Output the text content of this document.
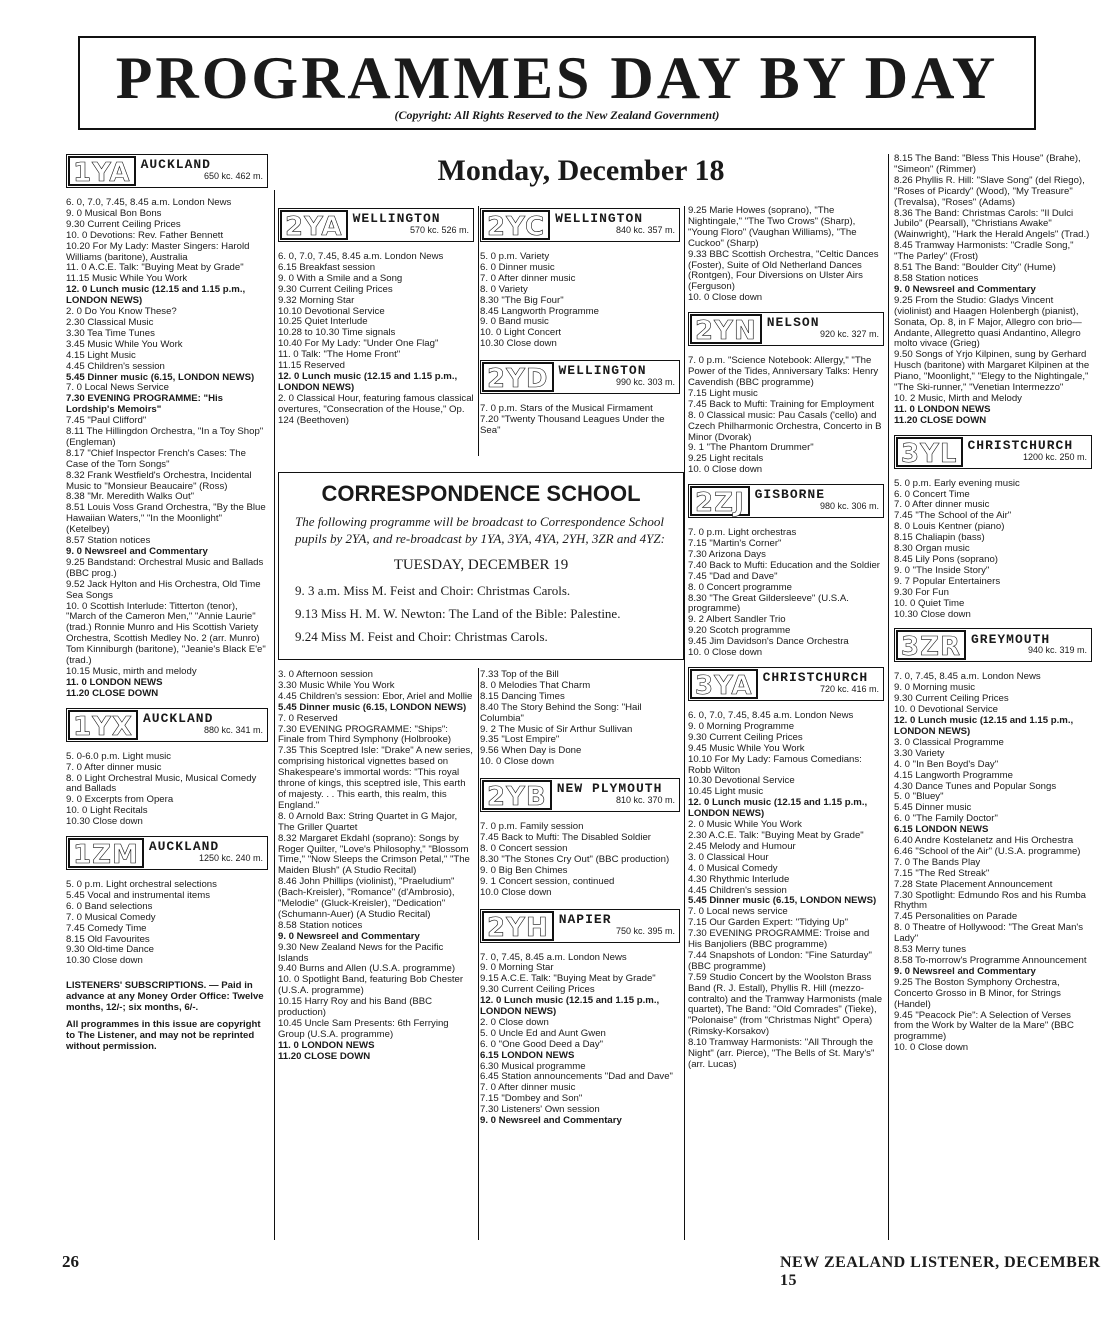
PROGRAMMES DAY BY DAY
(Copyright: All Rights Reserved to the New Zealand Government)
1YA AUCKLAND
650 kc. 462 m.
6. 0, 7.0, 7.45, 8.45 a.m. London News
9. 0 Musical Bon Bons
9.30 Current Ceiling Prices
10. 0 Devotions: Rev. Father Bennett
10.20 For My Lady: Master Singers: Harold Williams (baritone), Australia
11. 0 A.C.E. Talk: "Buying Meat by Grade"
11.15 Music While You Work
12. 0 Lunch music (12.15 and 1.15 p.m., LONDON NEWS)
2. 0 Do You Know These?
2.30 Classical Music
3.30 Tea Time Tunes
3.45 Music While You Work
4.15 Light Music
4.45 Children's session
5.45 Dinner music (6.15, LONDON NEWS)
7. 0 Local News Service
7.30 EVENING PROGRAMME: "His Lordship's Memoirs"
7.45 "Paul Clifford"
8.11 The Hillingdon Orchestra, "In a Toy Shop" (Engleman)
8.17 "Chief Inspector French's Cases: The Case of the Torn Songs"
8.32 Frank Westfield's Orchestra, Incidental Music to "Monsieur Beaucaire" (Ross)
8.38 "Mr. Meredith Walks Out"
8.51 Louis Voss Grand Orchestra, "By the Blue Hawaiian Waters," "In the Moonlight" (Ketelbey)
8.57 Station notices
9. 0 Newsreel and Commentary
9.25 Bandstand: Orchestral Music and Ballads (BBC prog.)
9.52 Jack Hylton and His Orchestra, Old Time Sea Songs
10. 0 Scottish Interlude: Titterton (tenor), "March of the Cameron Men," "Annie Laurie" (trad.) Ronnie Munro and His Scottish Variety Orchestra, Scottish Medley No. 2 (arr. Munro) Tom Kinniburgh (baritone), "Jeanie's Black E'e" (trad.)
10.15 Music, mirth and melody
11. 0 LONDON NEWS
11.20 CLOSE DOWN
1YX AUCKLAND
880 kc. 341 m.
5. 0-6.0 p.m. Light music
7. 0 After dinner music
8. 0 Light Orchestral Music, Musical Comedy and Ballads
9. 0 Excerpts from Opera
10. 0 Light Recitals
10.30 Close down
1ZM AUCKLAND
1250 kc. 240 m.
5. 0 p.m. Light orchestral selections
5.45 Vocal and instrumental items
6. 0 Band selections
7. 0 Musical Comedy
7.45 Comedy Time
8.15 Old Favourites
9.30 Old-time Dance
10.30 Close down
LISTENERS' SUBSCRIPTIONS. — Paid in advance at any Money Order Office: Twelve months, 12/-; six months, 6/-.
All programmes in this issue are copyright to The Listener, and may not be reprinted without permission.
Monday, December 18
2YA WELLINGTON
570 kc. 526 m.
6. 0, 7.0, 7.45, 8.45 a.m. London News
6.15 Breakfast session
9. 0 With a Smile and a Song
9.30 Current Ceiling Prices
9.32 Morning Star
10.10 Devotional Service
10.25 Quiet Interlude
10.28 to 10.30 Time signals
10.40 For My Lady: "Under One Flag"
11. 0 Talk: "The Home Front"
11.15 Reserved
12. 0 Lunch music (12.15 and 1.15 p.m., LONDON NEWS)
2. 0 Classical Hour, featuring famous classical overtures, "Consecration of the House," Op. 124 (Beethoven)
2YC WELLINGTON
840 kc. 357 m.
5. 0 p.m. Variety
6. 0 Dinner music
7. 0 After dinner music
8. 0 Variety
8.30 "The Big Four"
8.45 Langworth Programme
9. 0 Band music
10. 0 Light Concert
10.30 Close down
2YD WELLINGTON
990 kc. 303 m.
7. 0 p.m. Stars of the Musical Firmament
7.20 "Twenty Thousand Leagues Under the Sea"
CORRESPONDENCE SCHOOL
The following programme will be broadcast to Correspondence School pupils by 2YA, and re-broadcast by 1YA, 3YA, 4YA, 2YH, 3ZR and 4YZ:
TUESDAY, DECEMBER 19
9. 3 a.m. Miss M. Feist and Choir: Christmas Carols.
9.13 Miss H. M. W. Newton: The Land of the Bible: Palestine.
9.24 Miss M. Feist and Choir: Christmas Carols.
3. 0 Afternoon session
3.30 Music While You Work
4.45 Children's session: Ebor, Ariel and Mollie
5.45 Dinner music (6.15, LONDON NEWS)
7. 0 Reserved
7.30 EVENING PROGRAMME: "Ships": Finale from Third Symphony (Holbrooke)
7.35 This Sceptred Isle: "Drake" A new series, comprising historical vignettes based on Shakespeare's immortal words: "This royal throne of kings, this sceptred isle, This earth of majesty. . . This earth, this realm, this England."
8. 0 Arnold Bax: String Quartet in G Major, The Griller Quartet
8.32 Margaret Ekdahl (soprano): Songs by Roger Quilter, "Love's Philosophy," "Blossom Time," "Now Sleeps the Crimson Petal," "The Maiden Blush" (A Studio Recital)
8.46 John Phillips (violinist), "Praeludium" (Bach-Kreisler), "Romance" (d'Ambrosio), "Melodie" (Gluck-Kreisler), "Dedication" (Schumann-Auer) (A Studio Recital)
8.58 Station notices
9. 0 Newsreel and Commentary
9.30 New Zealand News for the Pacific Islands
9.40 Burns and Allen (U.S.A. programme)
10. 0 Spotlight Band, featuring Bob Chester (U.S.A. programme)
10.15 Harry Roy and his Band (BBC production)
10.45 Uncle Sam Presents: 6th Ferrying Group (U.S.A. programme)
11. 0 LONDON NEWS
11.20 CLOSE DOWN
7.33 Top of the Bill
8. 0 Melodies That Charm
8.15 Dancing Times
8.40 The Story Behind the Song: "Hail Columbia"
9. 2 The Music of Sir Arthur Sullivan
9.35 "Lost Empire"
9.56 When Day is Done
10. 0 Close down
2YB NEW PLYMOUTH
810 kc. 370 m.
7. 0 p.m. Family session
7.45 Back to Mufti: The Disabled Soldier
8. 0 Concert session
8.30 "The Stones Cry Out" (BBC production)
9. 0 Big Ben Chimes
9. 1 Concert session, continued
10.0 Close down
2YH NAPIER
750 kc. 395 m.
7. 0, 7.45, 8.45 a.m. London News
9. 0 Morning Star
9.15 A.C.E. Talk: "Buying Meat by Grade"
9.30 Current Ceiling Prices
12. 0 Lunch music (12.15 and 1.15 p.m., LONDON NEWS)
2. 0 Close down
5. 0 Uncle Ed and Aunt Gwen
6. 0 "One Good Deed a Day"
6.15 LONDON NEWS
6.30 Musical programme
6.45 Station announcements "Dad and Dave"
7. 0 After dinner music
7.15 "Dombey and Son"
7.30 Listeners' Own session
9. 0 Newsreel and Commentary
9.25 Marie Howes (soprano), "The Nightingale," "The Two Crows" (Sharp), "Young Floro" (Vaughan Williams), "The Cuckoo" (Sharp)
9.33 BBC Scottish Orchestra, "Celtic Dances (Foster), Suite of Old Netherland Dances (Rontgen), Four Diversions on Ulster Airs (Ferguson)
10. 0 Close down
2YN NELSON
920 kc. 327 m.
7. 0 p.m. "Science Notebook: Allergy," "The Power of the Tides, Anniversary Talks: Henry Cavendish (BBC programme)
7.15 Light music
7.45 Back to Mufti: Training for Employment
8. 0 Classical music: Pau Casals ('cello) and Czech Philharmonic Orchestra, Concerto in B Minor (Dvorak)
9. 1 "The Phantom Drummer"
9.25 Light recitals
10. 0 Close down
2ZJ GISBORNE
980 kc. 306 m.
7. 0 p.m. Light orchestras
7.15 "Martin's Corner"
7.30 Arizona Days
7.40 Back to Mufti: Education and the Soldier
7.45 "Dad and Dave"
8. 0 Concert programme
8.30 "The Great Gildersleeve" (U.S.A. programme)
9. 2 Albert Sandler Trio
9.20 Scotch programme
9.45 Jim Davidson's Dance Orchestra
10. 0 Close down
3YA CHRISTCHURCH
720 kc. 416 m.
6. 0, 7.0, 7.45, 8.45 a.m. London News
9. 0 Morning Programme
9.30 Current Ceiling Prices
9.45 Music While You Work
10.10 For My Lady: Famous Comedians: Robb Wilton
10.30 Devotional Service
10.45 Light music
12. 0 Lunch music (12.15 and 1.15 p.m., LONDON NEWS)
2. 0 Music While You Work
2.30 A.C.E. Talk: "Buying Meat by Grade"
2.45 Melody and Humour
3. 0 Classical Hour
4. 0 Musical Comedy
4.30 Rhythmic Interlude
4.45 Children's session
5.45 Dinner music (6.15, LONDON NEWS)
7. 0 Local news service
7.15 Our Garden Expert: "Tidying Up"
7.30 EVENING PROGRAMME: Troise and His Banjoliers (BBC programme)
7.44 Snapshots of London: "Fine Saturday" (BBC programme)
7.59 Studio Concert by the Woolston Brass Band (R. J. Estall), Phyllis R. Hill (mezzo-contralto) and the Tramway Harmonists (male quartet), The Band: "Old Comrades" (Tieke), "Polonaise" (from "Christmas Night" Opera) (Rimsky-Korsakov)
8.10 Tramway Harmonists: "All Through the Night" (arr. Pierce), "The Bells of St. Mary's" (arr. Lucas)
8.15 The Band: "Bless This House" (Brahe), "Simeon" (Rimmer)
8.26 Phyllis R. Hill: "Slave Song" (del Riego), "Roses of Picardy" (Wood), "My Treasure" (Trevalsa), "Roses" (Adams)
8.36 The Band: Christmas Carols: "Il Dulci Jubilo" (Pearsall), "Christians Awake" (Wainwright), "Hark the Herald Angels" (Trad.)
8.45 Tramway Harmonists: "Cradle Song," "The Parley" (Frost)
8.51 The Band: "Boulder City" (Hume)
8.58 Station notices
9. 0 Newsreel and Commentary
9.25 From the Studio: Gladys Vincent (violinist) and Haagen Holenbergh (pianist), Sonata, Op. 8, in F Major, Allegro con brio—Andante, Allegretto quasi Andantino, Allegro molto vivace (Grieg)
9.50 Songs of Yrjo Kilpinen, sung by Gerhard Husch (baritone) with Margaret Kilpinen at the Piano, "Moonlight," "Elegy to the Nightingale," "The Ski-runner," "Venetian Intermezzo"
10. 2 Music, Mirth and Melody
11. 0 LONDON NEWS
11.20 CLOSE DOWN
3YL CHRISTCHURCH
1200 kc. 250 m.
5. 0 p.m. Early evening music
6. 0 Concert Time
7. 0 After dinner music
7.45 "The School of the Air"
8. 0 Louis Kentner (piano)
8.15 Chaliapin (bass)
8.30 Organ music
8.45 Lily Pons (soprano)
9. 0 "The Inside Story"
9. 7 Popular Entertainers
9.30 For Fun
10. 0 Quiet Time
10.30 Close down
3ZR GREYMOUTH
940 kc. 319 m.
7. 0, 7.45, 8.45 a.m. London News
9. 0 Morning music
9.30 Current Ceiling Prices
10. 0 Devotional Service
12. 0 Lunch music (12.15 and 1.15 p.m., LONDON NEWS)
3. 0 Classical Programme
3.30 Variety
4. 0 "In Ben Boyd's Day"
4.15 Langworth Programme
4.30 Dance Tunes and Popular Songs
5. 0 "Bluey"
5.45 Dinner music
6. 0 "The Family Doctor"
6.15 LONDON NEWS
6.40 Andre Kostelanetz and His Orchestra
6.46 "School of the Air" (U.S.A. programme)
7. 0 The Bands Play
7.15 "The Red Streak"
7.28 State Placement Announcement
7.30 Spotlight: Edmundo Ros and his Rumba Rhythm
7.45 Personalities on Parade
8. 0 Theatre of Hollywood: "The Great Man's Lady"
8.53 Merry tunes
8.58 To-morrow's Programme Announcement
9. 0 Newsreel and Commentary
9.25 The Boston Symphony Orchestra, Concerto Grosso in B Minor, for Strings (Handel)
9.45 "Peacock Pie": A Selection of Verses from the Work by Walter de la Mare" (BBC programme)
10. 0 Close down
26	NEW ZEALAND LISTENER, DECEMBER 15
